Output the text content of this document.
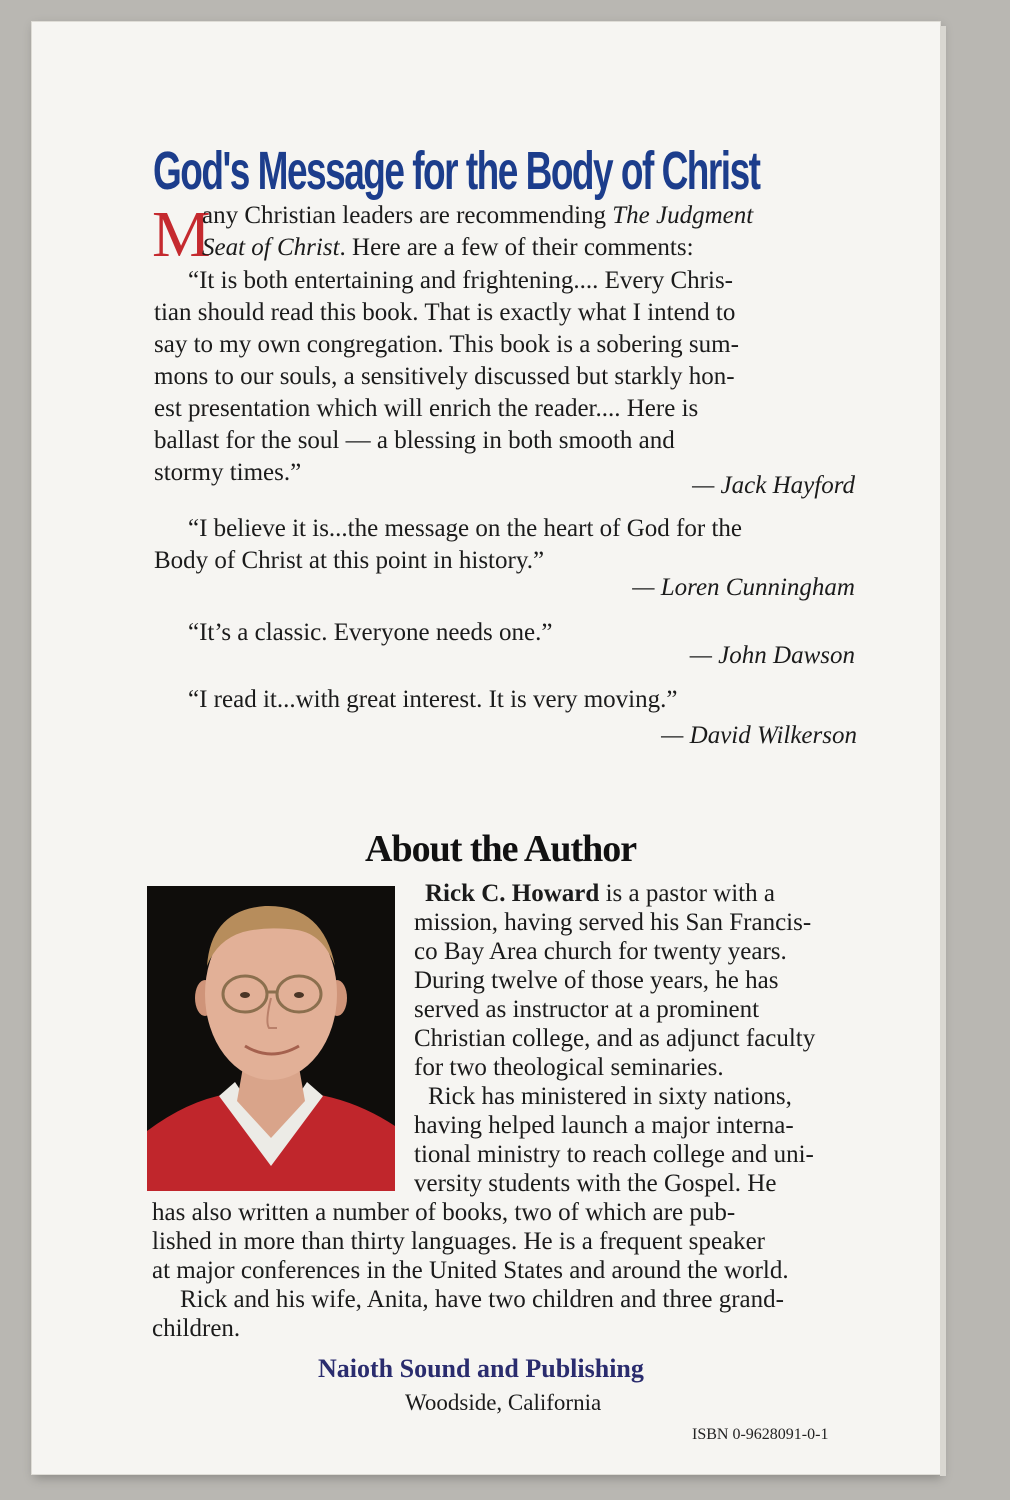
God's Message for the Body of Christ

M

any Christian leaders are recommending The Judgment

Seat of Christ. Here are a few of their comments:

“It is both entertaining and frightening.... Every Chris-

tian should read this book. That is exactly what I intend to

say to my own congregation. This book is a sobering sum-

mons to our souls, a sensitively discussed but starkly hon-

est presentation which will enrich the reader.... Here is

ballast for the soul — a blessing in both smooth and

stormy times.”	— Jack Hayford

“I believe it is...the message on the heart of God for the

Body of Christ at this point in history.”

— Loren Cunningham

“It’s a classic. Everyone needs one.”

— John Dawson

“I read it...with great interest. It is very moving.”

— David Wilkerson

About the Author

Rick C. Howard is a pastor with a

mission, having served his San Francis-

co Bay Area church for twenty years.

During twelve of those years, he has

served as instructor at a prominent

Christian college, and as adjunct faculty

for two theological seminaries.

Rick has ministered in sixty nations,

having helped launch a major interna-

tional ministry to reach college and uni-

versity students with the Gospel. He

has also written a number of books, two of which are pub-

lished in more than thirty languages. He is a frequent speaker

at major conferences in the United States and around the world.

Rick and his wife, Anita, have two children and three grand-

children.

Naioth Sound and Publishing

Woodside, California

ISBN 0-9628091-0-1
